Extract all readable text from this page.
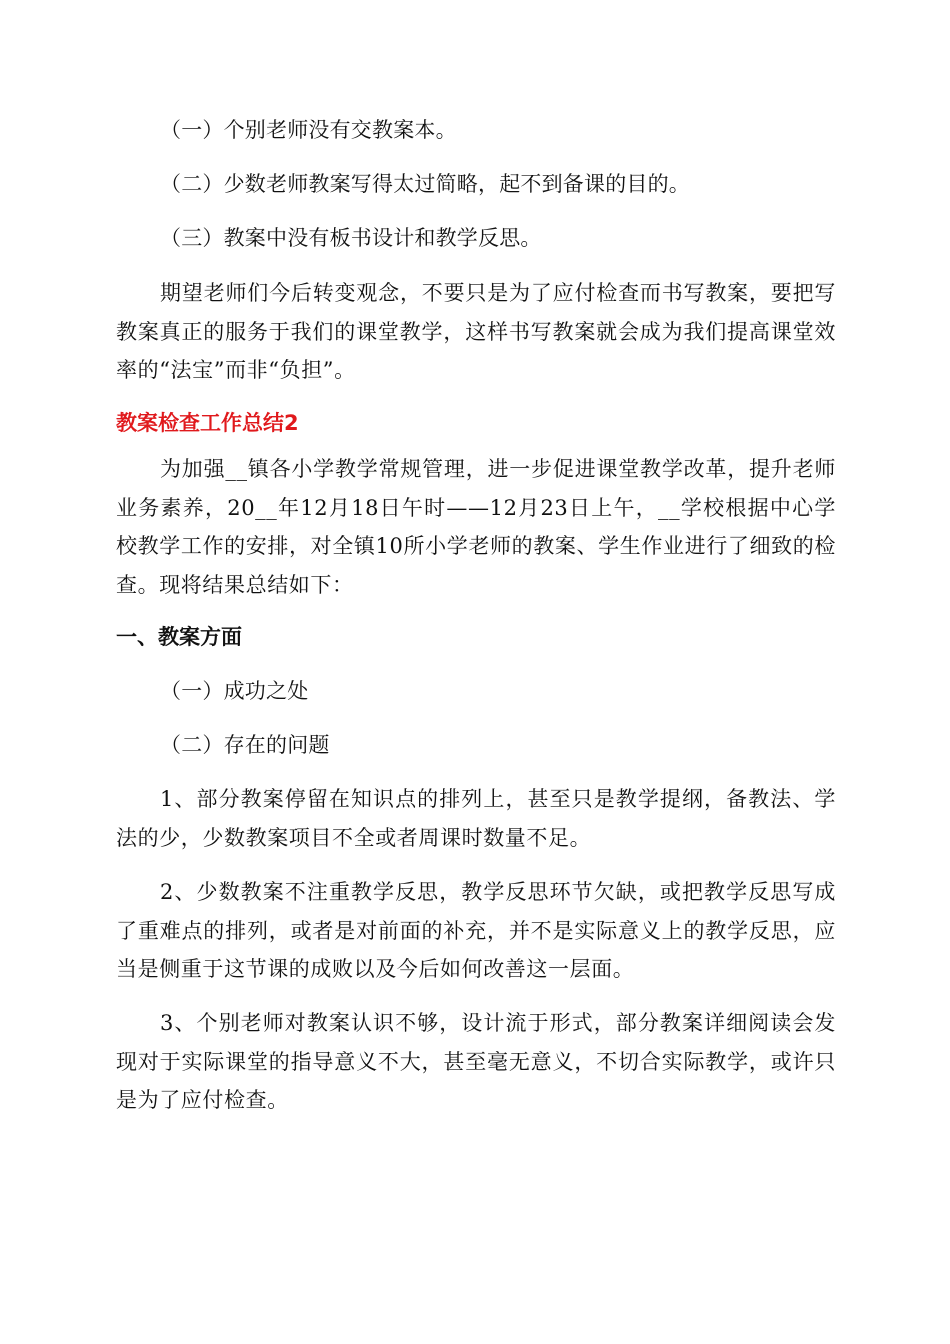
（一）个别老师没有交教案本。
（二）少数老师教案写得太过简略，起不到备课的目的。
（三）教案中没有板书设计和教学反思。
期望老师们今后转变观念，不要只是为了应付检查而书写教案，要把写教案真正的服务于我们的课堂教学，这样书写教案就会成为我们提高课堂效率的“法宝”而非“负担”。
教案检查工作总结2
为加强__镇各小学教学常规管理，进一步促进课堂教学改革，提升老师业务素养，20__年12月18日午时——12月23日上午，__学校根据中心学校教学工作的安排，对全镇10所小学老师的教案、学生作业进行了细致的检查。现将结果总结如下：
一、教案方面
（一）成功之处
（二）存在的问题
1、部分教案停留在知识点的排列上，甚至只是教学提纲，备教法、学法的少，少数教案项目不全或者周课时数量不足。
2、少数教案不注重教学反思，教学反思环节欠缺，或把教学反思写成了重难点的排列，或者是对前面的补充，并不是实际意义上的教学反思，应当是侧重于这节课的成败以及今后如何改善这一层面。
3、个别老师对教案认识不够，设计流于形式，部分教案详细阅读会发现对于实际课堂的指导意义不大，甚至毫无意义，不切合实际教学，或许只是为了应付检查。
